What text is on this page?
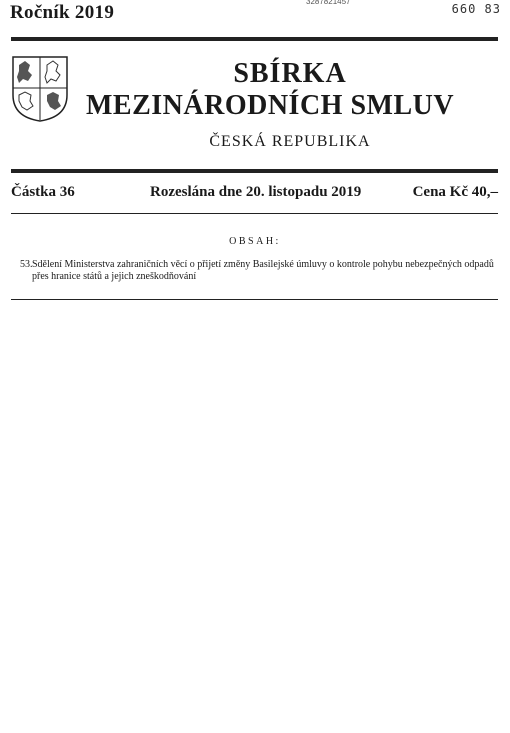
Ročník 2019
3287821457
660 83
SBÍRKA
MEZINÁRODNÍCH SMLUV
ČESKÁ REPUBLIKA
Částka 36	Rozeslána dne 20. listopadu 2019	Cena Kč 40,–
OBSAH:
53. Sdělení Ministerstva zahraničních věcí o přijetí změny Basilejské úmluvy o kontrole pohybu nebezpečných odpadů přes hranice států a jejich zneškodňování
